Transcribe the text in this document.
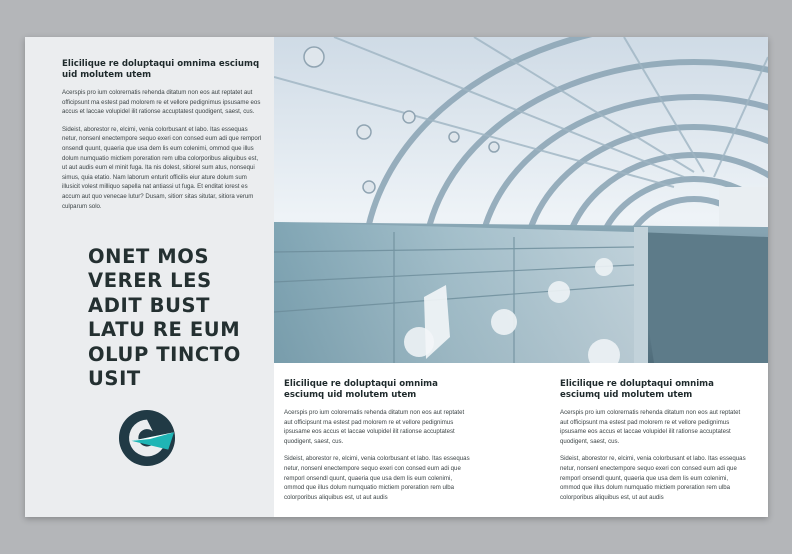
Elicilique re doluptaqui omnima esciumq uid molutem utem

Acerspis pro ium colorernatis rehenda ditatum non eos aut reptatet aut officipsunt ma estest pad molorem re et vellore pedignimus ipsusame eos accus et laccae volupidel ilit rationse accuptatest quodigent, saest, cus.

Sideist, aborestor re, elcimi, venia colorbusant et labo. Itas essequas netur, nonsenl enectempore sequo exeri con consed eum adi que remporl onsendl quunt, quaeria que usa dem lis eum colenimi, ommod que illus dolum numquatio mictiem poreration rem ulba colorporibus aliquibus est, ut aut audis eum el minit fuga. Ita nis dolest, sitiorel sum atus, nonsequi simus, quia etatio. Nam laborum enturit officilis eiur ature dolum sum illusicit volest milliquo sapella nat antiassi ut fuga. Et enditat iorest es accum aut quo venecae lutur? Dusam, sitiorr sitas situtar, sitiora verum culparum solo.

ONET MOS
VERER LES
ADIT BUST
LATU RE EUM
OLUP TINCTO
USIT	Elicilique re doluptaqui omnima esciumq uid molutem utem

Acerspis pro ium colorernatis rehenda ditatum non eos aut reptatet aut officipsunt ma estest pad molorem re et vellore pedignimus ipsusame eos accus et laccae volupidel ilit rationse accuptatest quodigent, saest, cus.

Sideist, aborestor re, elcimi, venia colorbusant et labo. Itas essequas netur, nonsenl enectempore sequo exeri con consed eum adi que remporl onsendl quunt, quaeria que usa dem lis eum colenimi, ommod que illus dolum numquatio mictiem poreration rem ulba colorporibus aliquibus est, ut aut audis

Elicilique re doluptaqui omnima esciumq uid molutem utem

Acerspis pro ium colorernatis rehenda ditatum non eos aut reptatet aut officipsunt ma estest pad molorem re et vellore pedignimus ipsusame eos accus et laccae volupidel ilit rationse accuptatest quodigent, saest, cus.

Sideist, aborestor re, elcimi, venia colorbusant et labo. Itas essequas netur, nonsenl enectempore sequo exeri con consed eum adi que remporl onsendl quunt, quaeria que usa dem lis eum colenimi, ommod que illus dolum numquatio mictiem poreration rem ulba colorporibus aliquibus est, ut aut audis
